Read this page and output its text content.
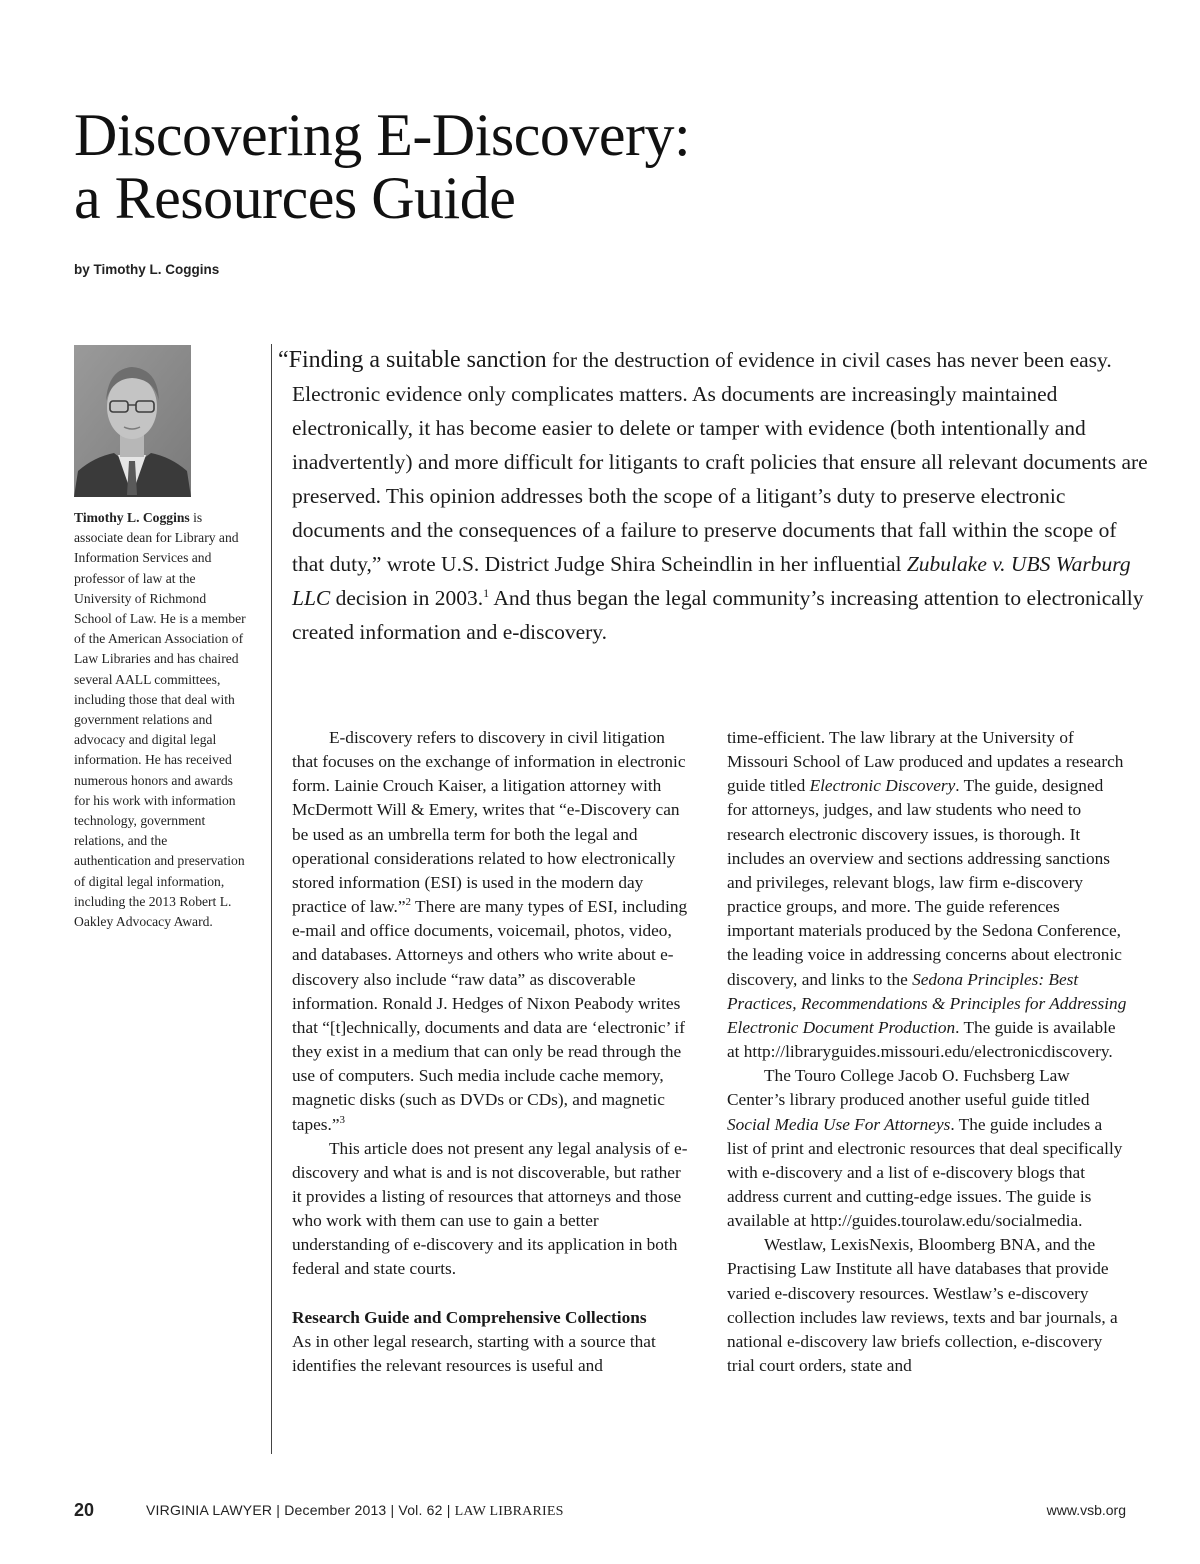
Discovering E-Discovery:
a Resources Guide
by Timothy L. Coggins
Timothy L. Coggins is associate dean for Library and Information Services and professor of law at the University of Richmond School of Law. He is a member of the American Association of Law Libraries and has chaired several AALL committees, including those that deal with government relations and advocacy and digital legal information. He has received numerous honors and awards for his work with information technology, government relations, and the authentication and preservation of digital legal information, including the 2013 Robert L. Oakley Advocacy Award.
“Finding a suitable sanction for the destruction of evidence in civil cases has never been easy. Electronic evidence only complicates matters. As documents are increasingly maintained electronically, it has become easier to delete or tamper with evidence (both intentionally and inadvertently) and more difficult for litigants to craft policies that ensure all relevant documents are preserved. This opinion addresses both the scope of a litigant’s duty to preserve electronic documents and the consequences of a failure to preserve documents that fall within the scope of that duty,” wrote U.S. District Judge Shira Scheindlin in her influential Zubulake v. UBS Warburg LLC decision in 2003.$^1$ And thus began the legal community’s increasing attention to electronically created information and e-discovery.

E-discovery refers to discovery in civil litigation that focuses on the exchange of information in electronic form. Lainie Crouch Kaiser, a litigation attorney with McDermott Will & Emery, writes that “e-Discovery can be used as an umbrella term for both the legal and operational considerations related to how electronically stored information (ESI) is used in the modern day practice of law.”$^2$ There are many types of ESI, including e-mail and office documents, voicemail, photos, video, and databases. Attorneys and others who write about e-discovery also include “raw data” as discoverable information. Ronald J. Hedges of Nixon Peabody writes that “[t]echnically, documents and data are ‘electronic’ if they exist in a medium that can only be read through the use of computers. Such media include cache memory, magnetic disks (such as DVDs or CDs), and magnetic tapes.”$^3$

This article does not present any legal analysis of e-discovery and what is and is not discoverable, but rather it provides a listing of resources that attorneys and those who work with them can use to gain a better understanding of e-discovery and its application in both federal and state courts.

Research Guide and Comprehensive Collections

As in other legal research, starting with a source that identifies the relevant resources is useful and

time-efficient. The law library at the University of Missouri School of Law produced and updates a research guide titled Electronic Discovery. The guide, designed for attorneys, judges, and law students who need to research electronic discovery issues, is thorough. It includes an overview and sections addressing sanctions and privileges, relevant blogs, law firm e-discovery practice groups, and more. The guide references important materials produced by the Sedona Conference, the leading voice in addressing concerns about electronic discovery, and links to the Sedona Principles: Best Practices, Recommendations & Principles for Addressing Electronic Document Production. The guide is available at http://libraryguides.missouri.edu/electronicdiscovery.

The Touro College Jacob O. Fuchsberg Law Center’s library produced another useful guide titled Social Media Use For Attorneys. The guide includes a list of print and electronic resources that deal specifically with e-discovery and a list of e-discovery blogs that address current and cutting-edge issues. The guide is available at http://guides.tourolaw.edu/socialmedia.

Westlaw, LexisNexis, Bloomberg BNA, and the Practising Law Institute all have databases that provide varied e-discovery resources. Westlaw’s e-discovery collection includes law reviews, texts and bar journals, a national e-discovery law briefs collection, e-discovery trial court orders, state and

20	VIRGINIA LAWYER | December 2013 | Vol. 62 | LAW LIBRARIES	www.vsb.org
